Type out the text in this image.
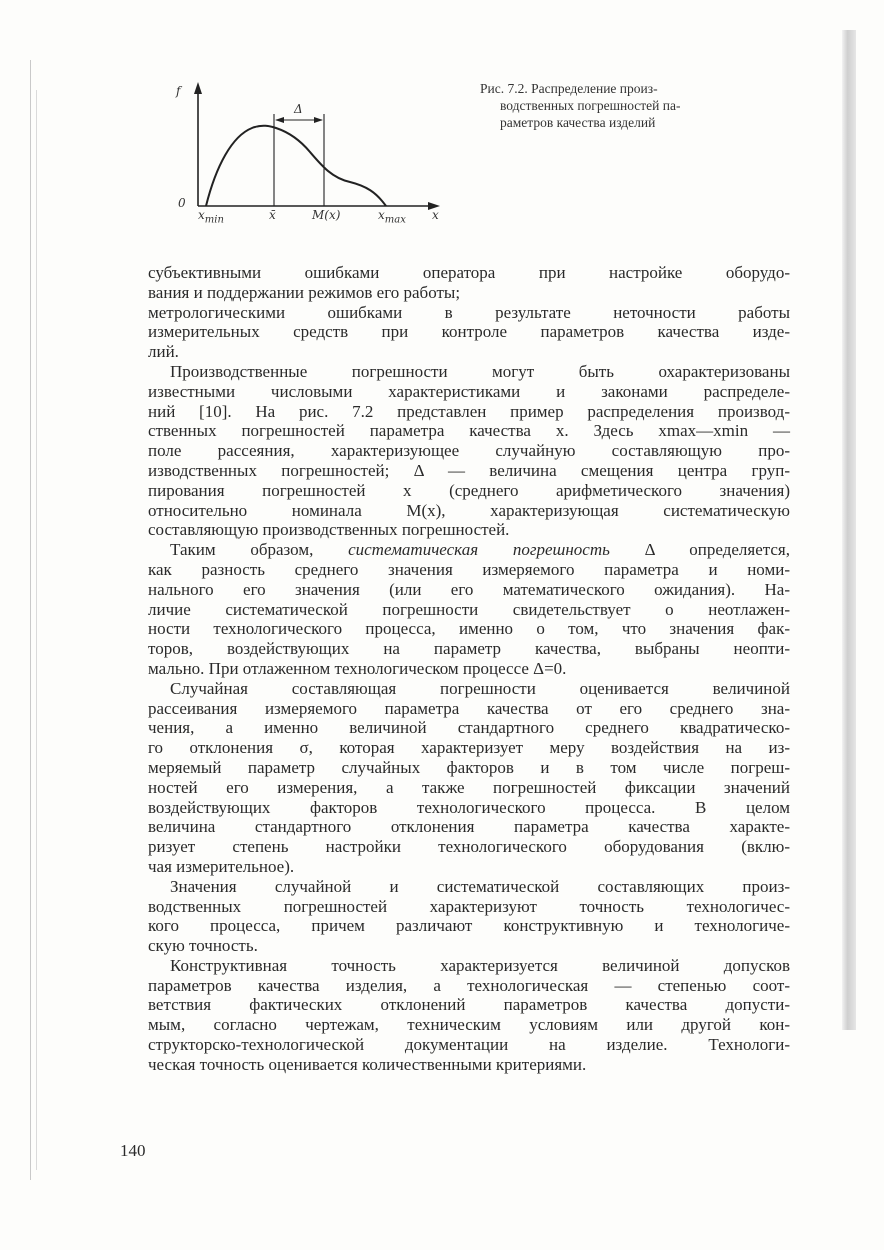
f
0
Δ
$x_{min}$	x̄	M(x)	$x_{max}$ x
Рис. 7.2. Распределение произ-
водственных погрешностей па-
раметров качества изделий

субъективными ошибками оператора при настройке оборудо-
вания и поддержании режимов его работы;

метрологическими ошибками в результате неточности работы
измерительных средств при контроле параметров качества изде-
лий.

Производственные погрешности могут быть охарактеризованы
известными числовыми характеристиками и законами распределе-
ний [10]. На рис. 7.2 представлен пример распределения производ-
ственных погрешностей параметра качества x. Здесь xmax—xmin —
поле рассеяния, характеризующее случайную составляющую про-
изводственных погрешностей; Δ — величина смещения центра груп-
пирования погрешностей x (среднего арифметического значения)
относительно номинала M(x), характеризующая систематическую
составляющую производственных погрешностей.

Таким образом, систематическая погрешность Δ определяется,
как разность среднего значения измеряемого параметра и номи-
нального его значения (или его математического ожидания). На-
личие систематической погрешности свидетельствует о неотлажен-
ности технологического процесса, именно о том, что значения фак-
торов, воздействующих на параметр качества, выбраны неопти-
мально. При отлаженном технологическом процессе Δ=0.

Случайная составляющая погрешности оценивается величиной
рассеивания измеряемого параметра качества от его среднего зна-
чения, а именно величиной стандартного среднего квадратическо-
го отклонения σ, которая характеризует меру воздействия на из-
меряемый параметр случайных факторов и в том числе погреш-
ностей его измерения, а также погрешностей фиксации значений
воздействующих факторов технологического процесса. В целом
величина стандартного отклонения параметра качества характе-
ризует степень настройки технологического оборудования (вклю-
чая измерительное).

Значения случайной и систематической составляющих произ-
водственных погрешностей характеризуют точность технологичес-
кого процесса, причем различают конструктивную и технологиче-
скую точность.

Конструктивная точность характеризуется величиной допусков
параметров качества изделия, а технологическая — степенью соот-
ветствия фактических отклонений параметров качества допусти-
мым, согласно чертежам, техническим условиям или другой кон-
структорско-технологической документации на изделие. Технологи-
ческая точность оценивается количественными критериями.

140
